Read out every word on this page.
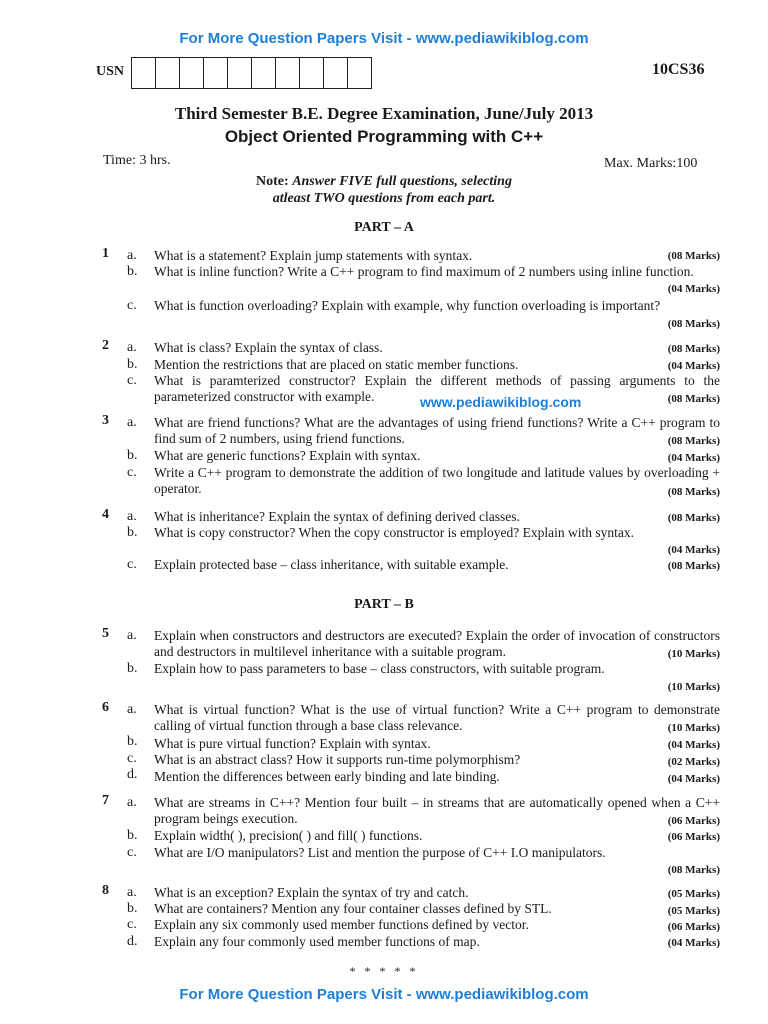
For More Question Papers Visit - www.pediawikiblog.com
USN	10CS36
Third Semester B.E. Degree Examination, June/July 2013
Object Oriented Programming with C++
Time: 3 hrs.	Max. Marks:100
Note: Answer FIVE full questions, selecting
atleast TWO questions from each part.
PART – A
1 a. What is a statement? Explain jump statements with syntax.	(08 Marks)
b. What is inline function? Write a C++ program to find maximum of 2 numbers using inline function.
(04 Marks)
c. What is function overloading? Explain with example, why function overloading is important?
(08 Marks)
2 a. What is class? Explain the syntax of class.	(08 Marks)
b. Mention the restrictions that are placed on static member functions.	(04 Marks)
c. What is paramterized constructor? Explain the different methods of passing arguments to the parameterized constructor with example.	www.pediawikiblog.com	(08 Marks)
3 a. What are friend functions? What are the advantages of using friend functions? Write a C++ program to find sum of 2 numbers, using friend functions.	(08 Marks)
b. What are generic functions? Explain with syntax.	(04 Marks)
c. Write a C++ program to demonstrate the addition of two longitude and latitude values by overloading + operator.	(08 Marks)
4 a. What is inheritance? Explain the syntax of defining derived classes.	(08 Marks)
b. What is copy constructor? When the copy constructor is employed? Explain with syntax.
(04 Marks)
c. Explain protected base – class inheritance, with suitable example.	(08 Marks)
PART – B
5 a. Explain when constructors and destructors are executed? Explain the order of invocation of constructors and destructors in multilevel inheritance with a suitable program.	(10 Marks)
b. Explain how to pass parameters to base – class constructors, with suitable program.
(10 Marks)
6 a. What is virtual function? What is the use of virtual function? Write a C++ program to demonstrate calling of virtual function through a base class relevance.	(10 Marks)
b. What is pure virtual function? Explain with syntax.	(04 Marks)
c. What is an abstract class? How it supports run-time polymorphism?	(02 Marks)
d. Mention the differences between early binding and late binding.	(04 Marks)
7 a. What are streams in C++? Mention four built – in streams that are automatically opened when a C++ program beings execution.	(06 Marks)
b. Explain width( ), precision( ) and fill( ) functions.	(06 Marks)
c. What are I/O manipulators? List and mention the purpose of C++ I.O manipulators.
(08 Marks)
8 a. What is an exception? Explain the syntax of try and catch.	(05 Marks)
b. What are containers? Mention any four container classes defined by STL.	(05 Marks)
c. Explain any six commonly used member functions defined by vector.	(06 Marks)
d. Explain any four commonly used member functions of map.	(04 Marks)
* * * * *
For More Question Papers Visit - www.pediawikiblog.com
